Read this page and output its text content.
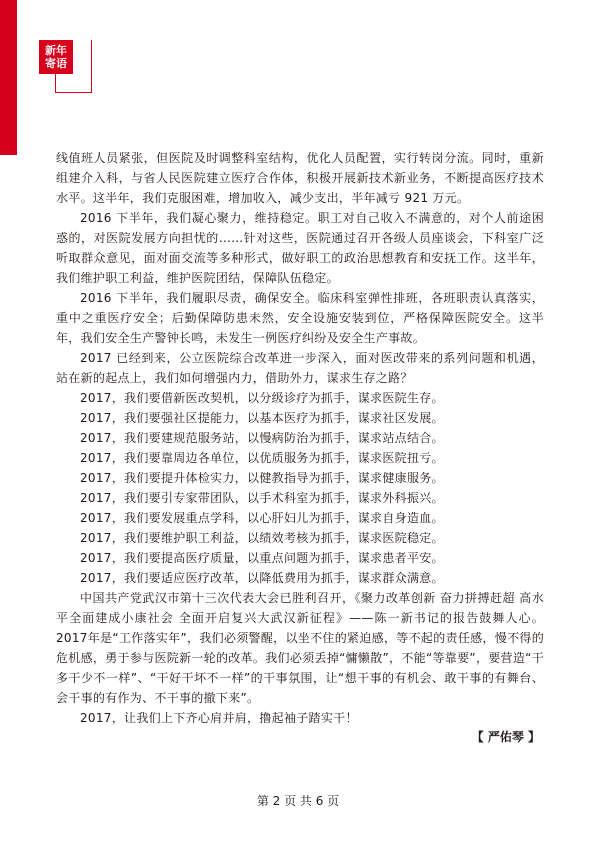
新年
寄语

线值班人员紧张，但医院及时调整科室结构，优化人员配置，实行转岗分流。同时，重新组建介入科，与省人民医院建立医疗合作体，积极开展新技术新业务，不断提高医疗技术水平。这半年，我们克服困难，增加收入，减少支出，半年减亏 921 万元。

2016 下半年，我们凝心聚力，维持稳定。职工对自己收入不满意的，对个人前途困惑的，对医院发展方向担忧的……针对这些，医院通过召开各级人员座谈会，下科室广泛听取群众意见，面对面交流等多种形式，做好职工的政治思想教育和安抚工作。这半年，我们维护职工利益，维护医院团结，保障队伍稳定。

2016 下半年，我们履职尽责，确保安全。临床科室弹性排班，各班职责认真落实，重中之重医疗安全；后勤保障防患未然，安全设施安装到位，严格保障医院安全。这半年，我们安全生产警钟长鸣，未发生一例医疗纠纷及安全生产事故。

2017 已经到来，公立医院综合改革进一步深入，面对医改带来的系列问题和机遇，站在新的起点上，我们如何增强内力，借助外力，谋求生存之路？

2017，我们要借新医改契机，以分级诊疗为抓手，谋求医院生存。

2017，我们要强社区提能力，以基本医疗为抓手，谋求社区发展。

2017，我们要建规范服务站，以慢病防治为抓手，谋求站点结合。

2017，我们要靠周边各单位，以优质服务为抓手，谋求医院扭亏。

2017，我们要提升体检实力，以健教指导为抓手，谋求健康服务。

2017，我们要引专家带团队，以手术科室为抓手，谋求外科振兴。

2017，我们要发展重点学科，以心肝妇儿为抓手，谋求自身造血。

2017，我们要维护职工利益，以绩效考核为抓手，谋求医院稳定。

2017，我们要提高医疗质量，以重点问题为抓手，谋求患者平安。

2017，我们要适应医疗改革，以降低费用为抓手，谋求群众满意。

中国共产党武汉市第十三次代表大会已胜利召开，《聚力改革创新 奋力拼搏赶超 高水平全面建成小康社会 全面开启复兴大武汉新征程》——陈一新书记的报告鼓舞人心。2017年是“工作落实年”，我们必须警醒，以坐不住的紧迫感，等不起的责任感，慢不得的危机感，勇于参与医院新一轮的改革。我们必须丢掉“慵懒散”，不能“等靠要”，要营造“干多干少不一样”、“干好干坏不一样”的干事氛围，让“想干事的有机会、敢干事的有舞台、会干事的有作为、不干事的撤下来”。

2017，让我们上下齐心肩并肩，撸起袖子踏实干！

【 严佑琴 】
第 2 页 共 6 页
